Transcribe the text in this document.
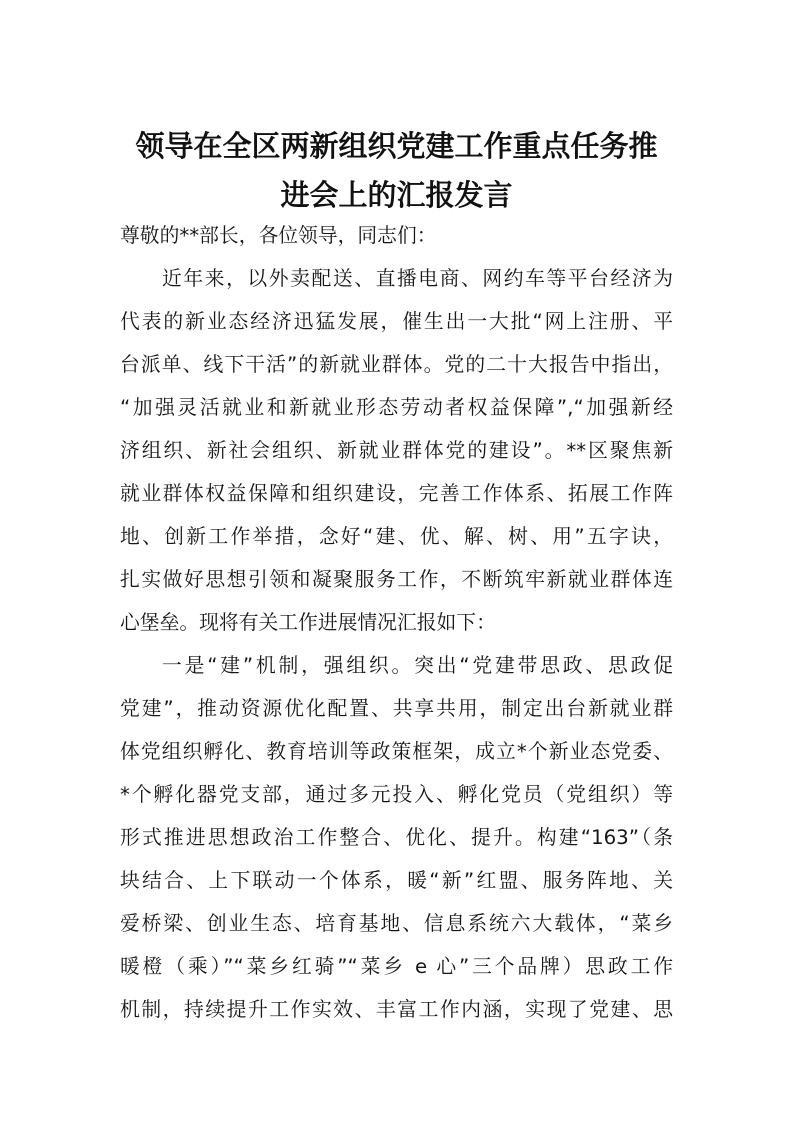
领导在全区两新组织党建工作重点任务推
进会上的汇报发言
尊敬的**部长，各位领导，同志们：
近年来，以外卖配送、直播电商、网约车等平台经济为
代表的新业态经济迅猛发展，催生出一大批“网上注册、平
台派单、线下干活”的新就业群体。党的二十大报告中指出，
“加强灵活就业和新就业形态劳动者权益保障”,“加强新经
济组织、新社会组织、新就业群体党的建设”。**区聚焦新
就业群体权益保障和组织建设，完善工作体系、拓展工作阵
地、创新工作举措，念好“建、优、解、树、用”五字诀，
扎实做好思想引领和凝聚服务工作，不断筑牢新就业群体连
心堡垒。现将有关工作进展情况汇报如下：
一是“建”机制，强组织。突出“党建带思政、思政促
党建”，推动资源优化配置、共享共用，制定出台新就业群
体党组织孵化、教育培训等政策框架，成立*个新业态党委、
*个孵化器党支部，通过多元投入、孵化党员（党组织）等
形式推进思想政治工作整合、优化、提升。构建“163”（条
块结合、上下联动一个体系，暖“新”红盟、服务阵地、关
爱桥梁、创业生态、培育基地、信息系统六大载体，“菜乡
暖橙（乘）”“菜乡红骑”“菜乡 e 心”三个品牌）思政工作
机制，持续提升工作实效、丰富工作内涵，实现了党建、思
